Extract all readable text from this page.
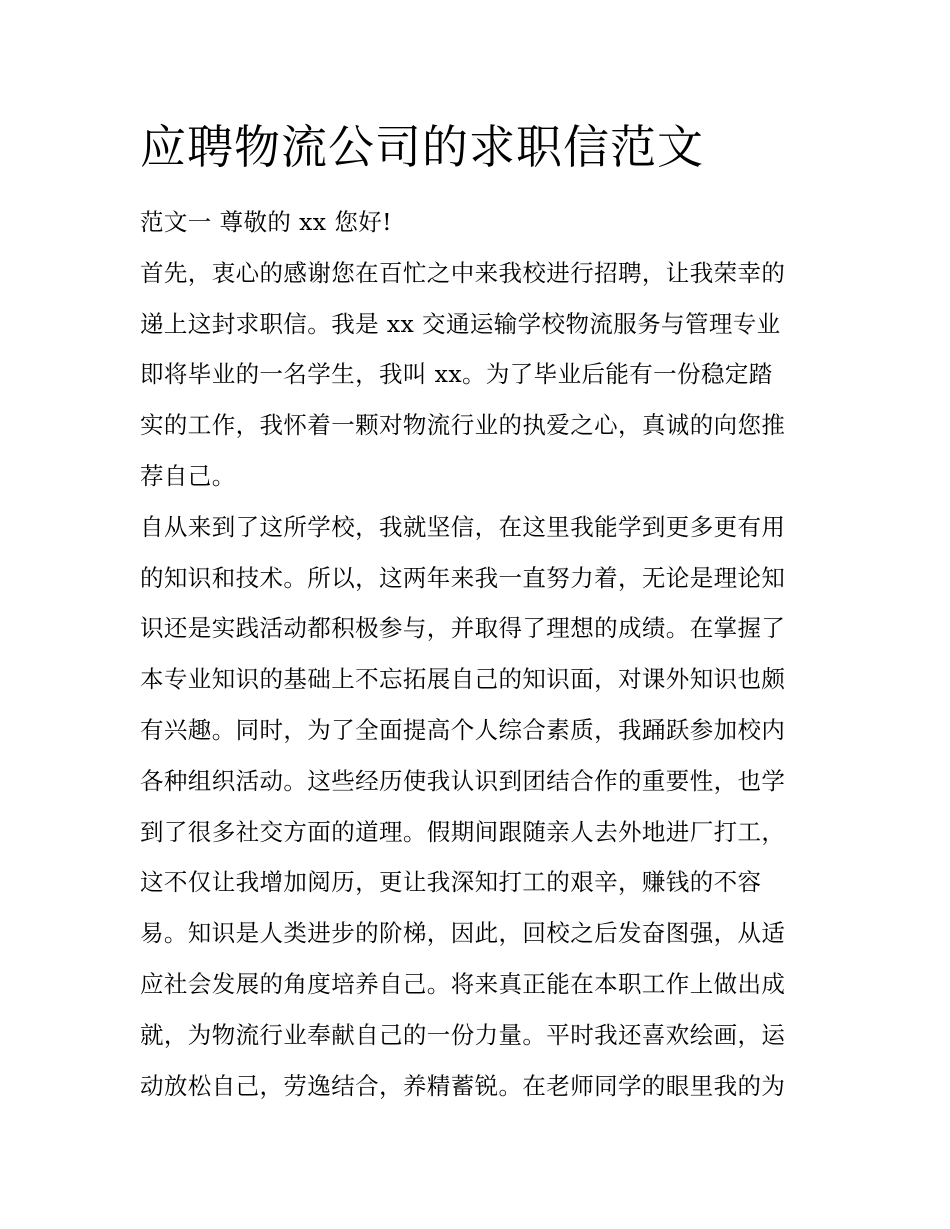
应聘物流公司的求职信范文
范文一 尊敬的 xx 您好!
首先，衷心的感谢您在百忙之中来我校进行招聘，让我荣幸的
递上这封求职信。我是 xx 交通运输学校物流服务与管理专业
即将毕业的一名学生，我叫 xx。为了毕业后能有一份稳定踏
实的工作，我怀着一颗对物流行业的执爱之心，真诚的向您推
荐自己。
自从来到了这所学校，我就坚信，在这里我能学到更多更有用
的知识和技术。所以，这两年来我一直努力着，无论是理论知
识还是实践活动都积极参与，并取得了理想的成绩。在掌握了
本专业知识的基础上不忘拓展自己的知识面，对课外知识也颇
有兴趣。同时，为了全面提高个人综合素质，我踊跃参加校内
各种组织活动。这些经历使我认识到团结合作的重要性，也学
到了很多社交方面的道理。假期间跟随亲人去外地进厂打工，
这不仅让我增加阅历，更让我深知打工的艰辛，赚钱的不容
易。知识是人类进步的阶梯，因此，回校之后发奋图强，从适
应社会发展的角度培养自己。将来真正能在本职工作上做出成
就，为物流行业奉献自己的一份力量。平时我还喜欢绘画，运
动放松自己，劳逸结合，养精蓄锐。在老师同学的眼里我的为
